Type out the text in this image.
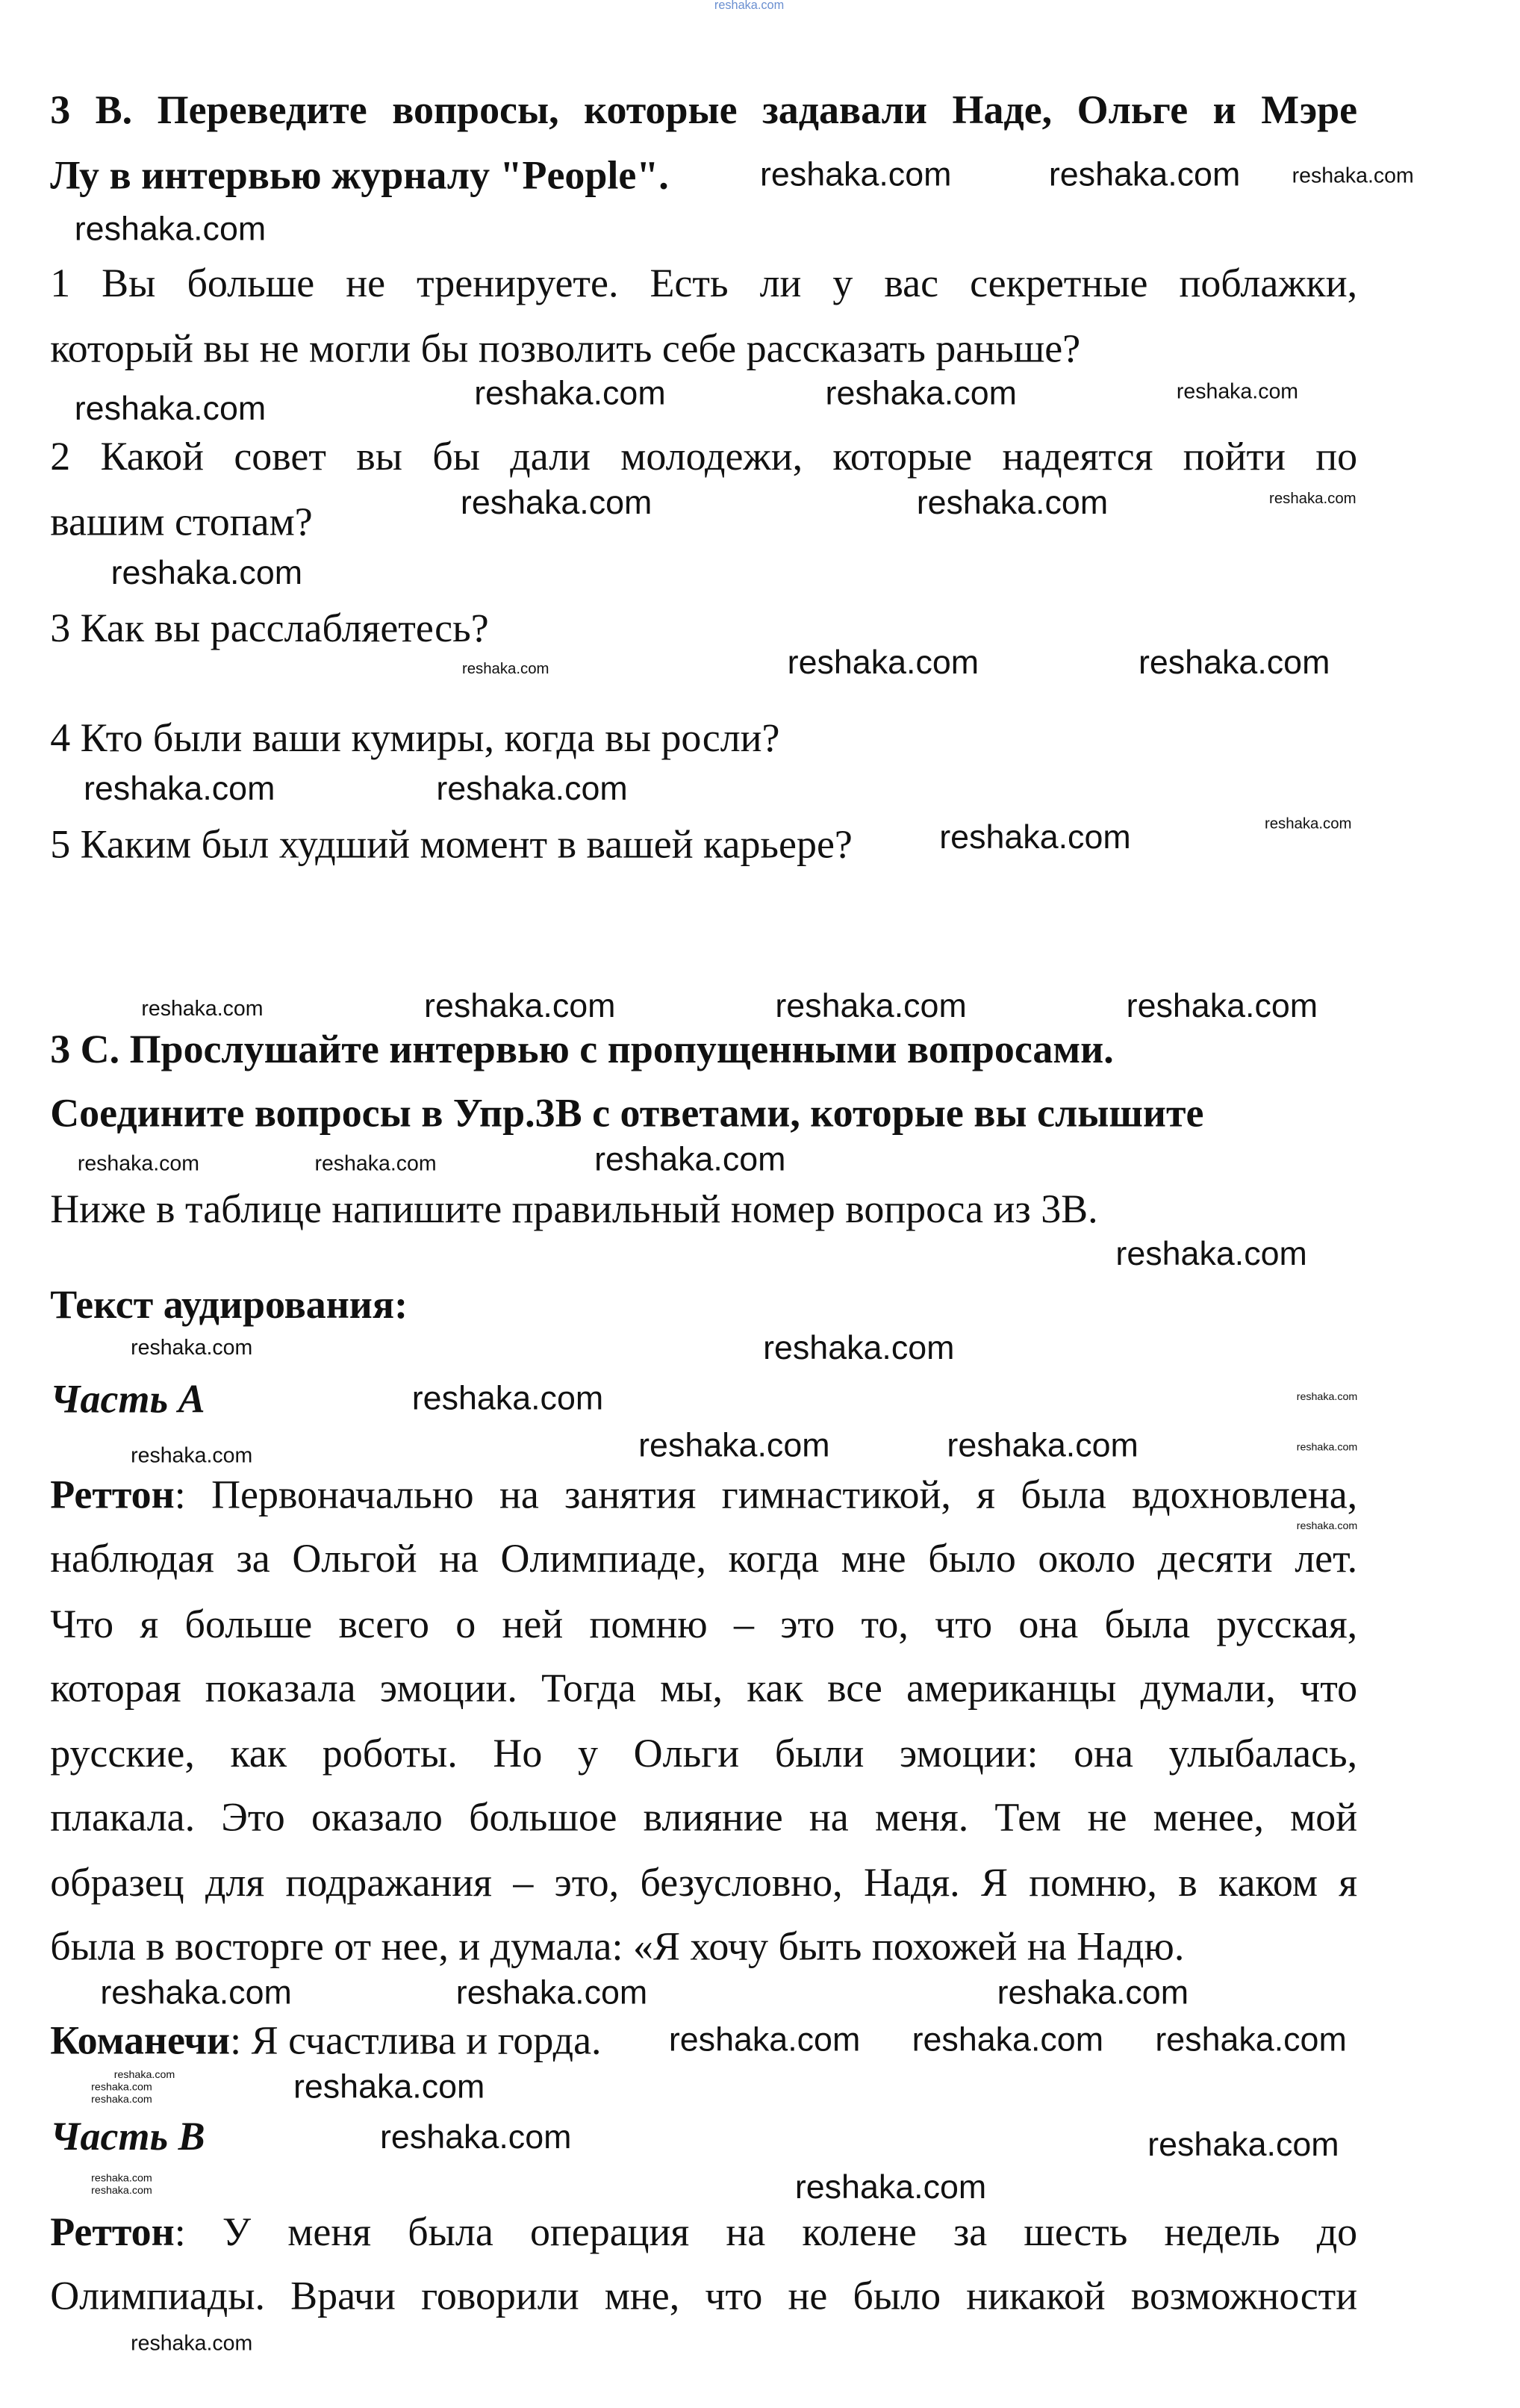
reshaka.com
3 B. Переведите вопросы, которые задавали Наде, Ольге и Мэре
Лу в интервью журналу "People".
1 Вы больше не тренируете. Есть ли у вас секретные поблажки,
который вы не могли бы позволить себе рассказать раньше?
2 Какой совет вы бы дали молодежи, которые надеятся пойти по
вашим стопам?
3 Как вы расслабляетесь?
4 Кто были ваши кумиры, когда вы росли?
5 Каким был худший момент в вашей карьере?
3 C. Прослушайте интервью с пропущенными вопросами.
Соедините вопросы в Упр.3B с ответами, которые вы слышите
Ниже в таблице напишите правильный номер вопроса из 3B.
Текст аудирования:
Часть А
Реттон: Первоначально на занятия гимнастикой, я была вдохновлена,
наблюдая за Ольгой на Олимпиаде, когда мне было около десяти лет.
Что я больше всего о ней помню – это то, что она была русская,
которая показала эмоции. Тогда мы, как все американцы думали, что
русские, как роботы. Но у Ольги были эмоции: она улыбалась,
плакала. Это оказало большое влияние на меня. Тем не менее, мой
образец для подражания – это, безусловно, Надя. Я помню, в каком я
была в восторге от нее, и думала: «Я хочу быть похожей на Надю.
Команечи: Я счастлива и горда.
Часть В
Реттон: У меня была операция на колене за шесть недель до
Олимпиады. Врачи говорили мне, что не было никакой возможности
reshaka.com	reshaka.com
reshaka.com
reshaka.com	reshaka.com
reshaka.com
reshaka.com	reshaka.com
reshaka.com
reshaka.com	reshaka.com
reshaka.com	reshaka.com
reshaka.com
reshaka.com	reshaka.com	reshaka.com
reshaka.com
reshaka.com
reshaka.com
reshaka.com
reshaka.com
reshaka.com
reshaka.com	reshaka.com	reshaka.com
reshaka.com	reshaka.com	reshaka.com
reshaka.com
reshaka.com	reshaka.com
reshaka.com
reshaka.com
reshaka.com
reshaka.com
reshaka.com	reshaka.com
reshaka.com
reshaka.com
reshaka.com
reshaka.com
reshaka.com
reshaka.com
reshaka.com
reshaka.com
reshaka.com
reshaka.com
reshaka.com
reshaka.com
reshaka.com
reshaka.com
